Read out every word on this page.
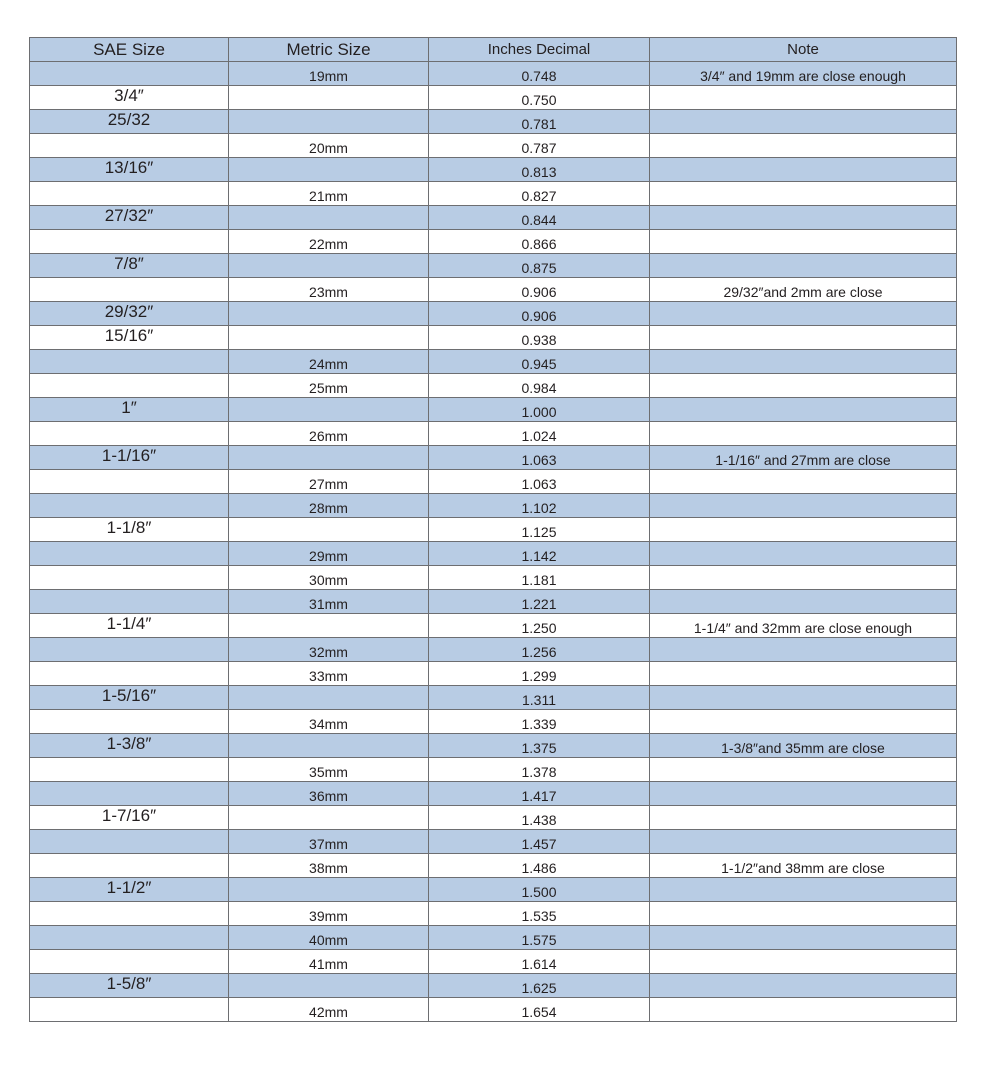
SAE Size	Metric Size	Inches Decimal	Note
	19mm	0.748	3/4″ and 19mm are close enough
3/4″		0.750	
25/32		0.781	
	20mm	0.787	
13/16″		0.813	
	21mm	0.827	
27/32″		0.844	
	22mm	0.866	
7/8″		0.875	
	23mm	0.906	29/32″and 2mm are close
29/32″		0.906	
15/16″		0.938	
	24mm	0.945	
	25mm	0.984	
1″		1.000	
	26mm	1.024	
1-1/16″		1.063	1-1/16″ and 27mm are close
	27mm	1.063	
	28mm	1.102	
1-1/8″		1.125	
	29mm	1.142	
	30mm	1.181	
	31mm	1.221	
1-1/4″		1.250	1-1/4″ and 32mm are close enough
	32mm	1.256	
	33mm	1.299	
1-5/16″		1.311	
	34mm	1.339	
1-3/8″		1.375	1-3/8″and 35mm are close
	35mm	1.378	
	36mm	1.417	
1-7/16″		1.438	
	37mm	1.457	
	38mm	1.486	1-1/2″and 38mm are close
1-1/2″		1.500	
	39mm	1.535	
	40mm	1.575	
	41mm	1.614	
1-5/8″		1.625	
	42mm	1.654	
